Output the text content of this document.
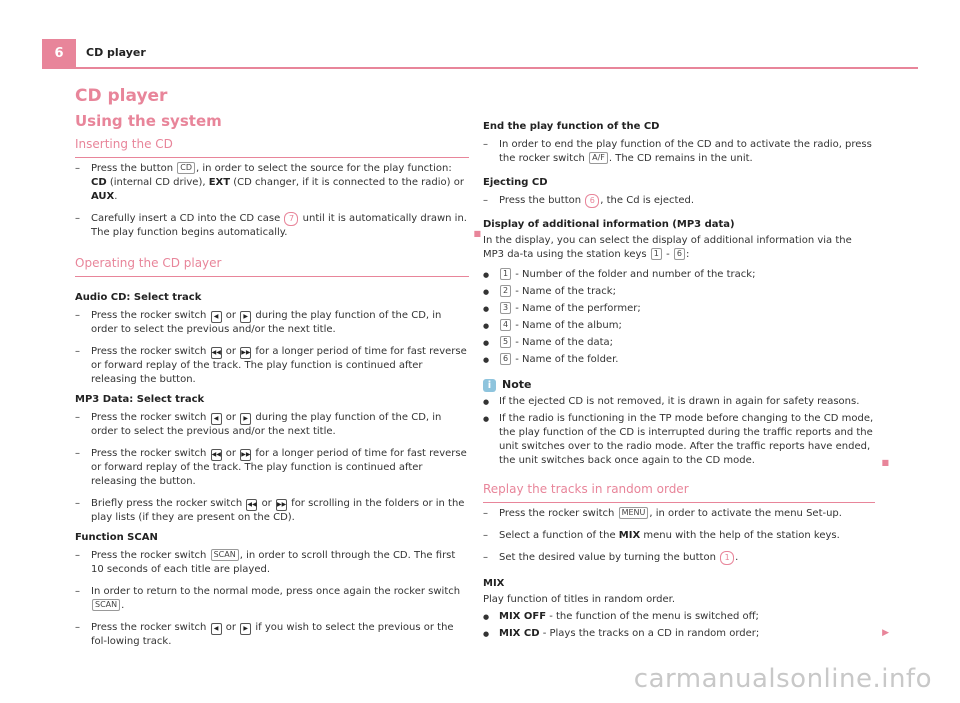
6	CD player
CD player
Using the system
Inserting the CD
– Press the button CD , in order to select the source for the play function: CD (internal CD drive), EXT (CD changer, if it is connected to the radio) or AUX.
– Carefully insert a CD into the CD case 7 until it is automatically drawn in. The play function begins automatically.	■
Operating the CD player
Audio CD: Select track
– Press the rocker switch ◀ or ▶ during the play function of the CD, in order to select the previous and/or the next title.
– Press the rocker switch ◀◀ or ▶▶ for a longer period of time for fast reverse or forward replay of the track. The play function is continued after releasing the button.
MP3 Data: Select track
– Press the rocker switch ◀ or ▶ during the play function of the CD, in order to select the previous and/or the next title.
– Press the rocker switch ◀◀ or ▶▶ for a longer period of time for fast reverse or forward replay of the track. The play function is continued after releasing the button.
– Briefly press the rocker switch ◀◀ or ▶▶ for scrolling in the folders or in the play lists (if they are present on the CD).
Function SCAN
– Press the rocker switch SCAN , in order to scroll through the CD. The first 10 seconds of each title are played.
– In order to return to the normal mode, press once again the rocker switch SCAN .
– Press the rocker switch ◀ or ▶ if you wish to select the previous or the fol-lowing track.
End the play function of the CD
– In order to end the play function of the CD and to activate the radio, press the rocker switch A/F . The CD remains in the unit.
Ejecting CD
– Press the button 6 , the Cd is ejected.
Display of additional information (MP3 data)
In the display, you can select the display of additional information via the MP3 da-ta using the station keys 1 - 6 :
● 1 - Number of the folder and number of the track;
● 2 - Name of the track;
● 3 - Name of the performer;
● 4 - Name of the album;
● 5 - Name of the data;
● 6 - Name of the folder.
i Note
● If the ejected CD is not removed, it is drawn in again for safety reasons.
● If the radio is functioning in the TP mode before changing to the CD mode, the play function of the CD is interrupted during the traffic reports and the unit switches over to the radio mode. After the traffic reports have ended, the unit switches back once again to the CD mode.	■
Replay the tracks in random order
– Press the rocker switch MENU , in order to activate the menu Set-up.
– Select a function of the MIX menu with the help of the station keys.
– Set the desired value by turning the button 1 .
MIX
Play function of titles in random order.
● MIX OFF - the function of the menu is switched off;
● MIX CD - Plays the tracks on a CD in random order;	▶
carmanualsonline.info
